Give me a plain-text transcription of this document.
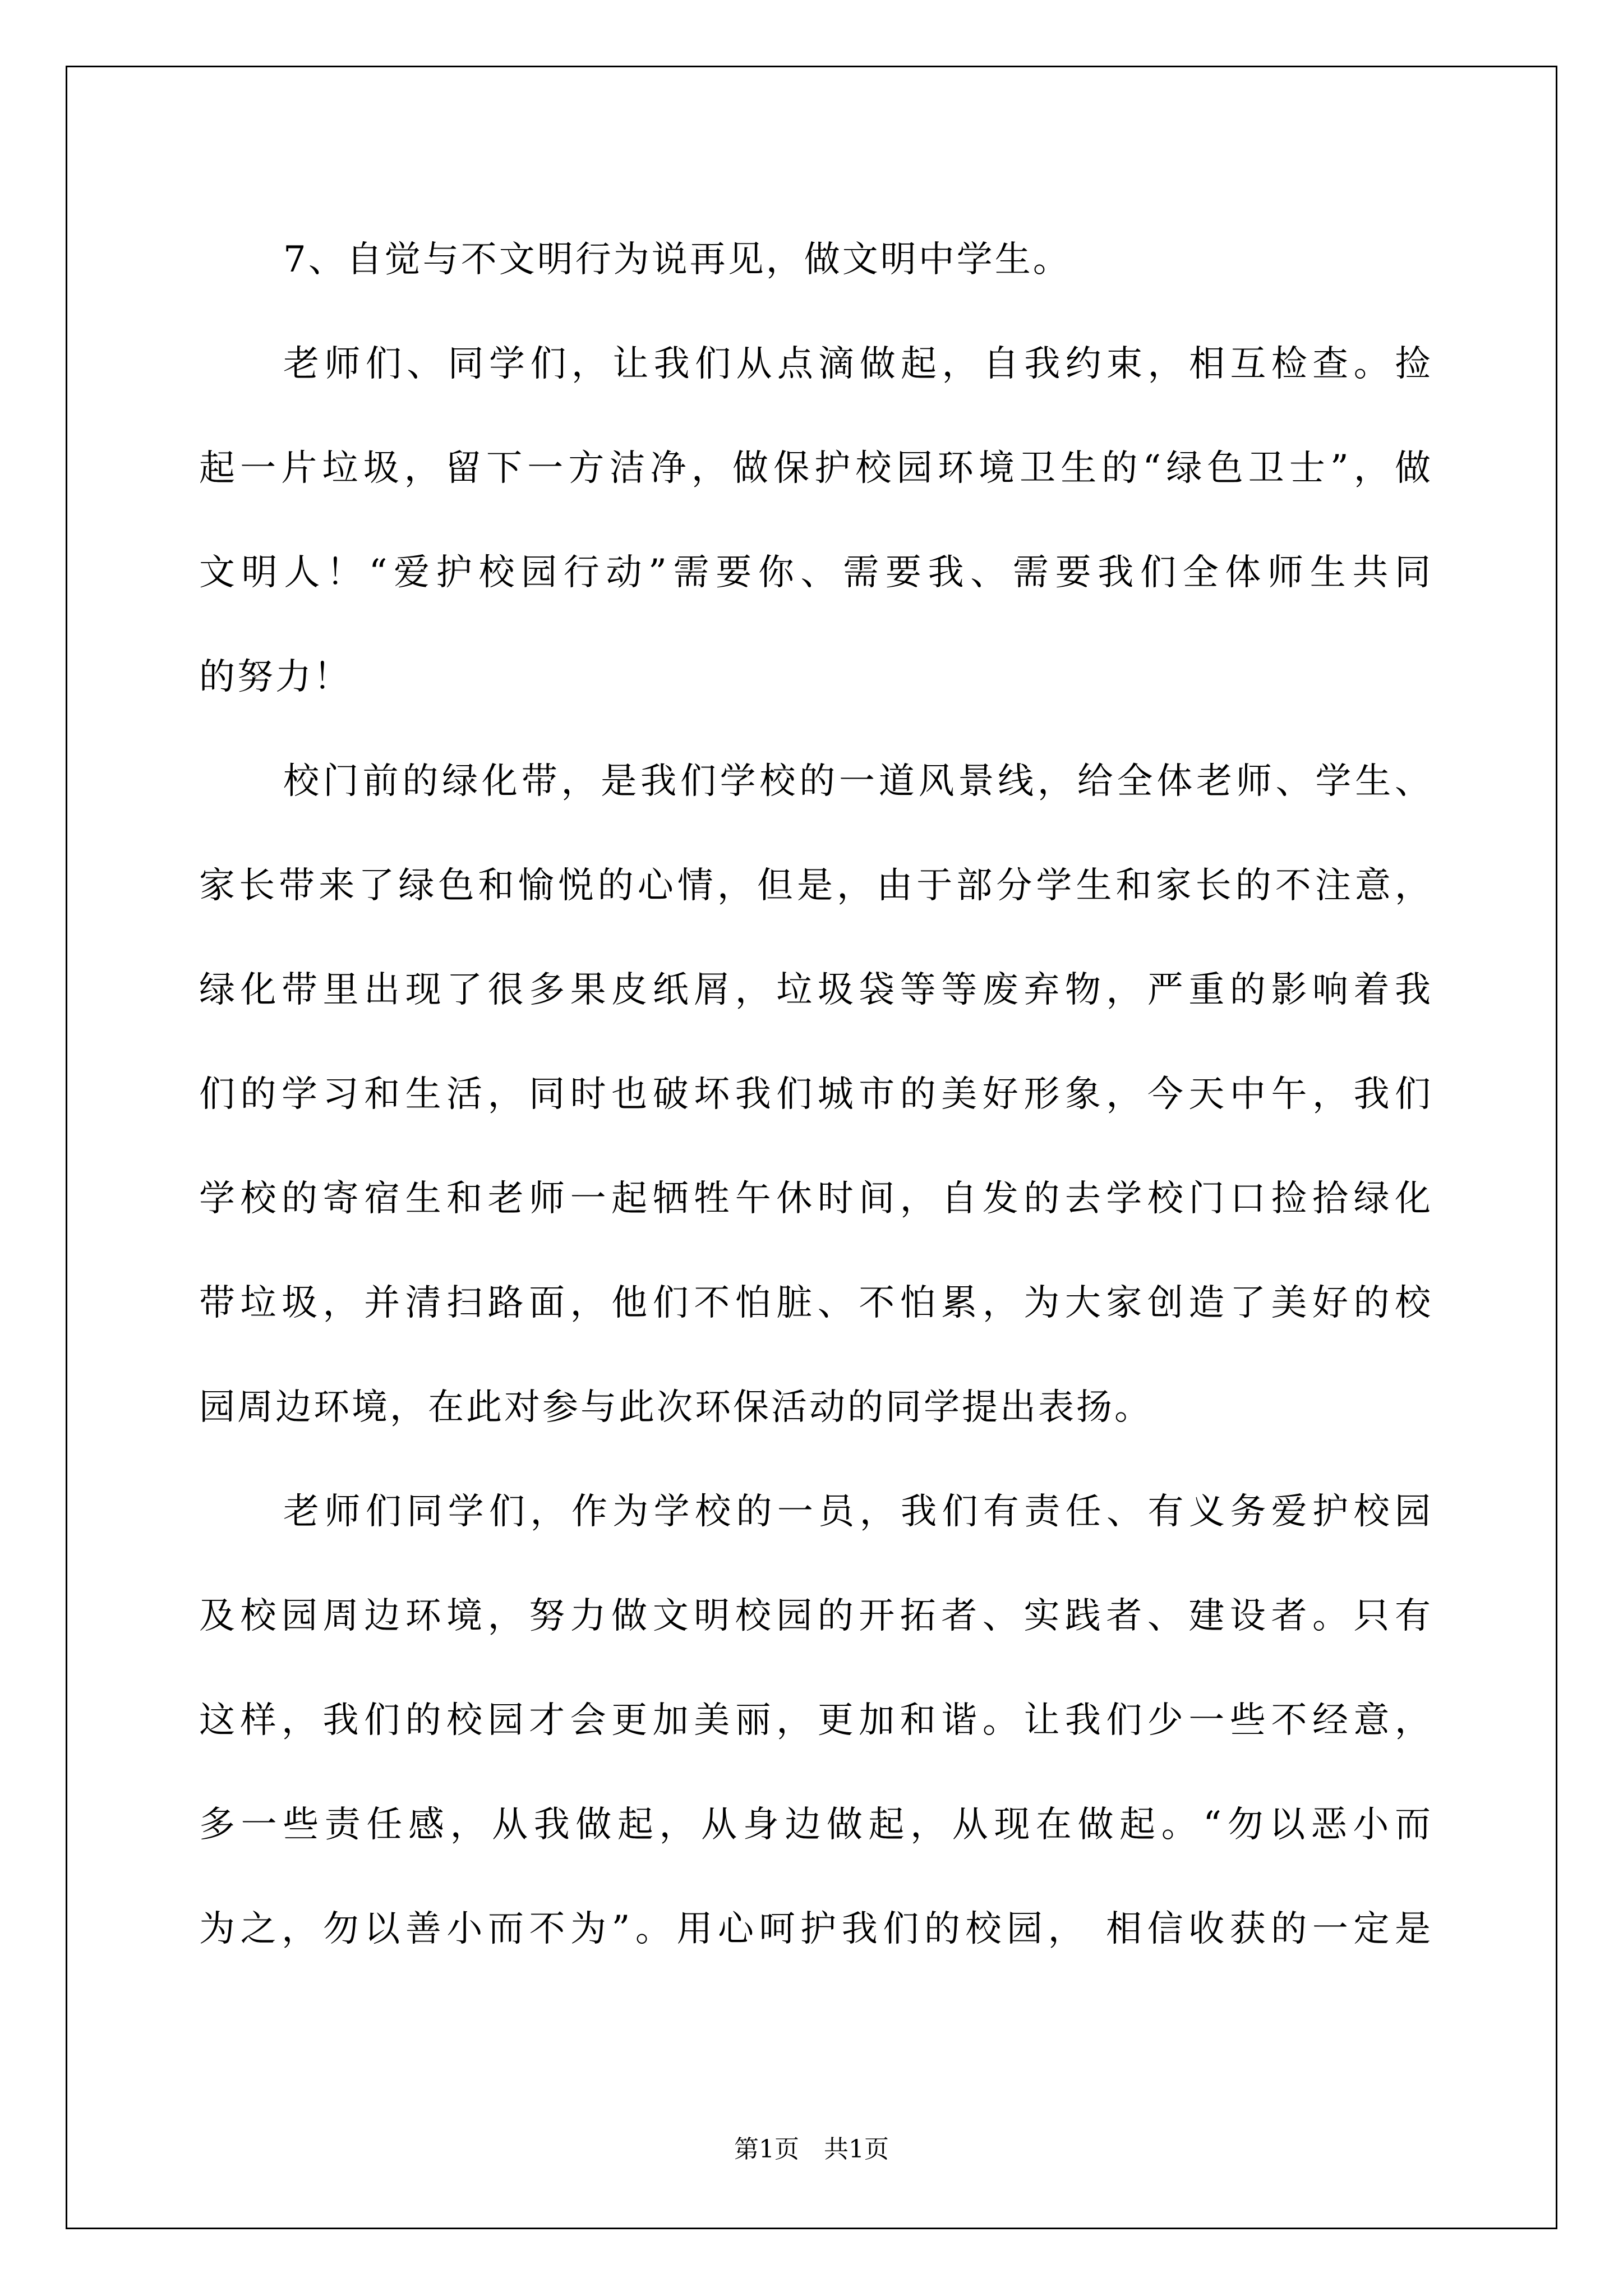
7、自觉与不文明行为说再见，做文明中学生。
老师们、同学们，让我们从点滴做起，自我约束，相互检查。捡
起一片垃圾，留下一方洁净，做保护校园环境卫生的“绿色卫士”，做
文明人！“爱护校园行动”需要你、需要我、需要我们全体师生共同
的努力！
校门前的绿化带，是我们学校的一道风景线，给全体老师、学生、
家长带来了绿色和愉悦的心情，但是，由于部分学生和家长的不注意，
绿化带里出现了很多果皮纸屑，垃圾袋等等废弃物，严重的影响着我
们的学习和生活，同时也破坏我们城市的美好形象，今天中午，我们
学校的寄宿生和老师一起牺牲午休时间，自发的去学校门口捡拾绿化
带垃圾，并清扫路面，他们不怕脏、不怕累，为大家创造了美好的校
园周边环境，在此对参与此次环保活动的同学提出表扬。
老师们同学们，作为学校的一员，我们有责任、有义务爱护校园
及校园周边环境，努力做文明校园的开拓者、实践者、建设者。只有
这样，我们的校园才会更加美丽，更加和谐。让我们少一些不经意，
多一些责任感，从我做起，从身边做起，从现在做起。“勿以恶小而
为之，勿以善小而不为”。用心呵护我们的校园， 相信收获的一定是
第1页　共1页
